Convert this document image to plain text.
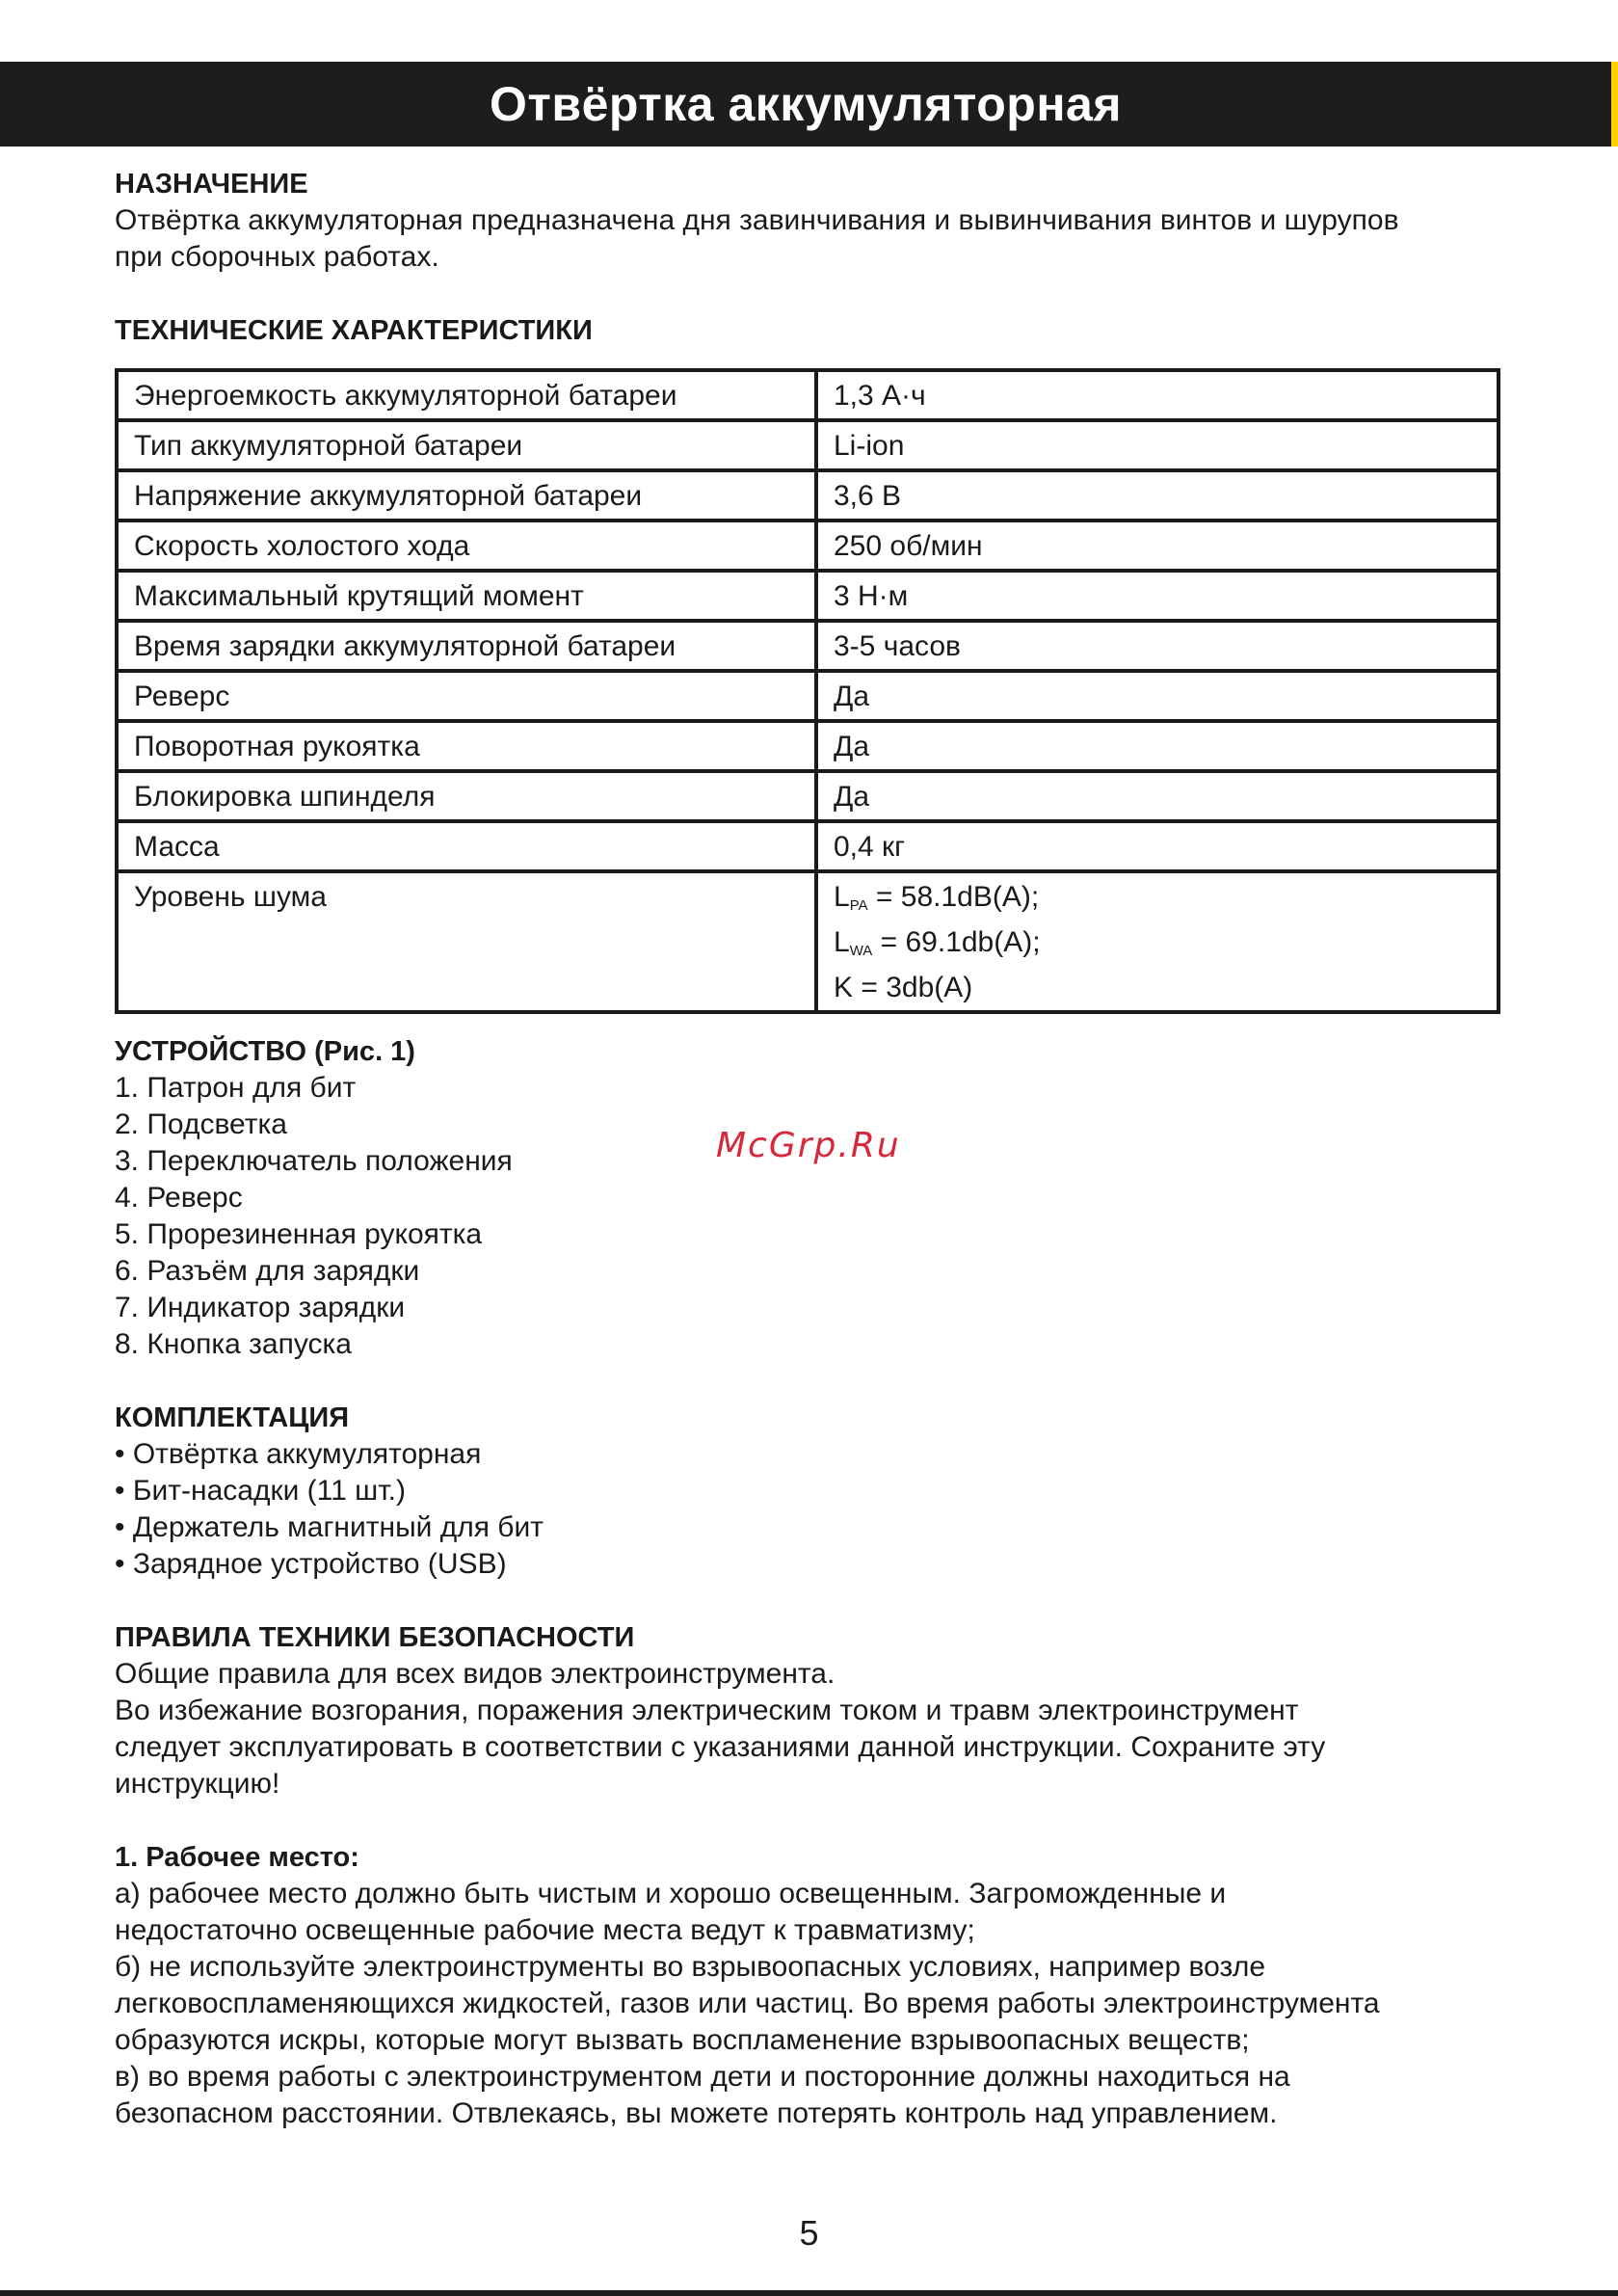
Отвёртка аккумуляторная

НАЗНАЧЕНИЕ

Отвёртка аккумуляторная предназначена дня завинчивания и вывинчивания винтов и шурупов

при сборочных работах.

ТЕХНИЧЕСКИЕ ХАРАКТЕРИСТИКИ

Энергоемкость аккумуляторной батареи	1,3 А·ч
Тип аккумуляторной батареи	Li-ion
Напряжение аккумуляторной батареи	3,6 В
Скорость холостого хода	250 об/мин
Максимальный крутящий момент	3 Н·м
Время зарядки аккумуляторной батареи	3-5 часов
Реверс	Да
Поворотная рукоятка	Да
Блокировка шпинделя	Да
Масса	0,4 кг
Уровень шума	$L_{PA} = 58.1dB(A)$;
$L_{WA} = 69.1db(A)$;
K = 3db(A)

УСТРОЙСТВО (Рис. 1)

1. Патрон для бит

2. Подсветка

3. Переключатель положения

4. Реверс

5. Прорезиненная рукоятка

6. Разъём для зарядки

7. Индикатор зарядки

8. Кнопка запуска

КОМПЛЕКТАЦИЯ

• Отвёртка аккумуляторная

• Бит-насадки (11 шт.)

• Держатель магнитный для бит

• Зарядное устройство (USB)

ПРАВИЛА ТЕХНИКИ БЕЗОПАСНОСТИ

Общие правила для всех видов электроинструмента.

Во избежание возгорания, поражения электрическим током и травм электроинструмент

следует эксплуатировать в соответствии с указаниями данной инструкции. Сохраните эту

инструкцию!

1. Рабочее место:

а) рабочее место должно быть чистым и хорошо освещенным. Загроможденные и

недостаточно освещенные рабочие места ведут к травматизму;

б) не используйте электроинструменты во взрывоопасных условиях, например возле

легковоспламеняющихся жидкостей, газов или частиц. Во время работы электроинструмента

образуются искры, которые могут вызвать воспламенение взрывоопасных веществ;

в) во время работы с электроинструментом дети и посторонние должны находиться на

безопасном расстоянии. Отвлекаясь, вы можете потерять контроль над управлением.

McGrp.Ru
5
